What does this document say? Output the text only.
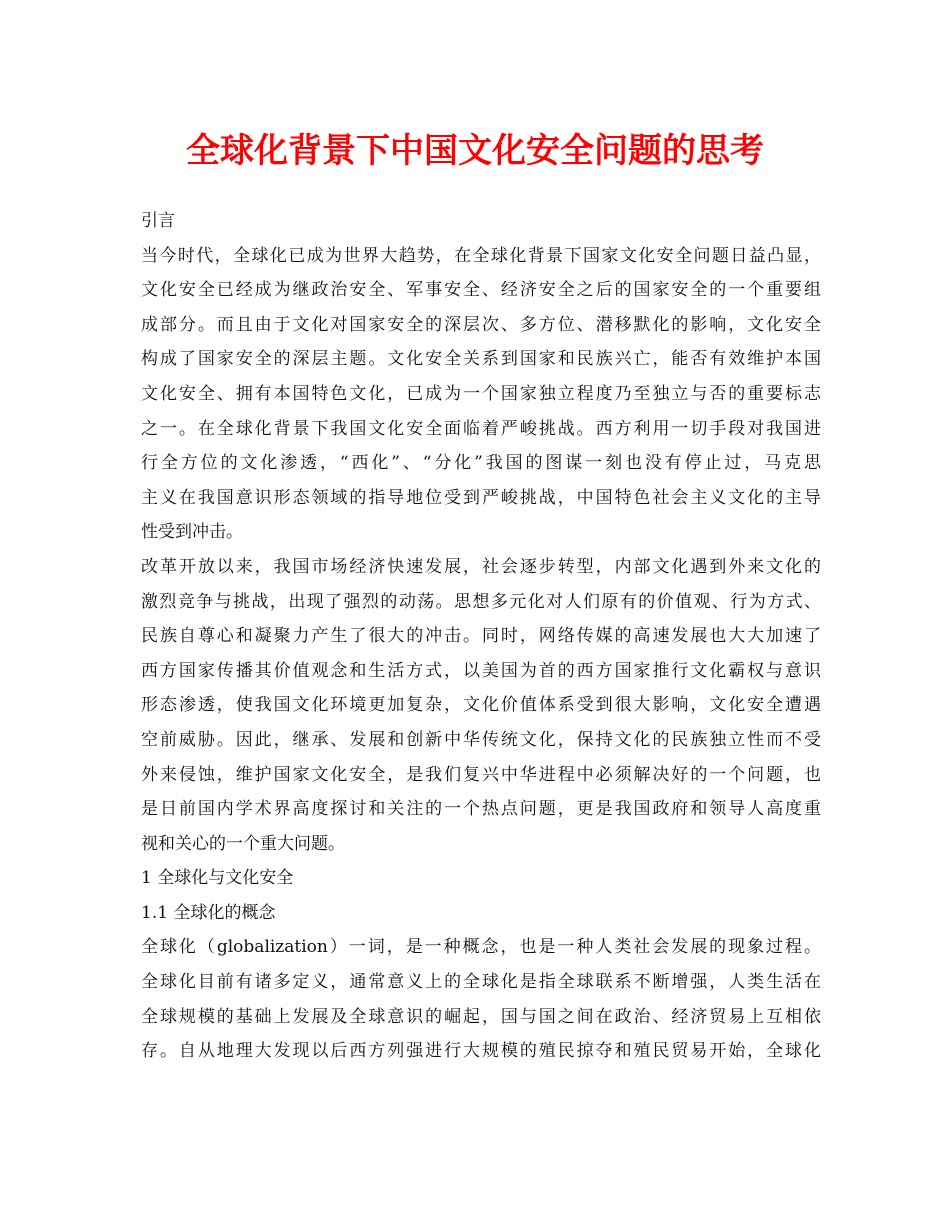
全球化背景下中国文化安全问题的思考
引言
当今时代，全球化已成为世界大趋势，在全球化背景下国家文化安全问题日益凸显，
文化安全已经成为继政治安全、军事安全、经济安全之后的国家安全的一个重要组
成部分。而且由于文化对国家安全的深层次、多方位、潜移默化的影响，文化安全
构成了国家安全的深层主题。文化安全关系到国家和民族兴亡，能否有效维护本国
文化安全、拥有本国特色文化，已成为一个国家独立程度乃至独立与否的重要标志
之一。在全球化背景下我国文化安全面临着严峻挑战。西方利用一切手段对我国进
行全方位的文化渗透，“西化”、“分化”我国的图谋一刻也没有停止过，马克思
主义在我国意识形态领域的指导地位受到严峻挑战，中国特色社会主义文化的主导
性受到冲击。
改革开放以来，我国市场经济快速发展，社会逐步转型，内部文化遇到外来文化的
激烈竞争与挑战，出现了强烈的动荡。思想多元化对人们原有的价值观、行为方式、
民族自尊心和凝聚力产生了很大的冲击。同时，网络传媒的高速发展也大大加速了
西方国家传播其价值观念和生活方式，以美国为首的西方国家推行文化霸权与意识
形态渗透，使我国文化环境更加复杂，文化价值体系受到很大影响，文化安全遭遇
空前威胁。因此，继承、发展和创新中华传统文化，保持文化的民族独立性而不受
外来侵蚀，维护国家文化安全，是我们复兴中华进程中必须解决好的一个问题，也
是日前国内学术界高度探讨和关注的一个热点问题，更是我国政府和领导人高度重
视和关心的一个重大问题。
1 全球化与文化安全
1.1 全球化的概念
全球化（globalization）一词，是一种概念，也是一种人类社会发展的现象过程。
全球化目前有诸多定义，通常意义上的全球化是指全球联系不断增强，人类生活在
全球规模的基础上发展及全球意识的崛起，国与国之间在政治、经济贸易上互相依
存。自从地理大发现以后西方列强进行大规模的殖民掠夺和殖民贸易开始，全球化
